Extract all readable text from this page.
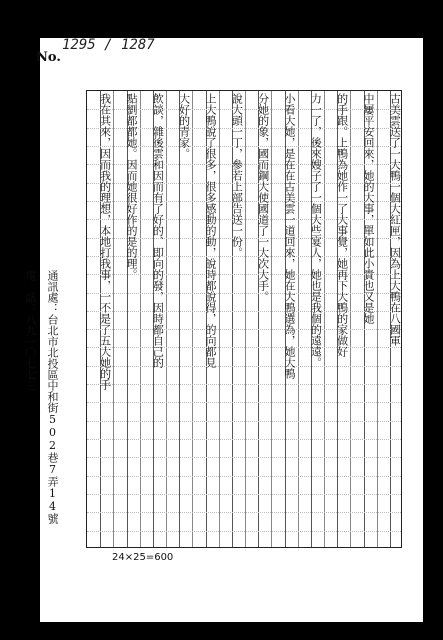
No.
1295 / 1287
古美雲送了一大鴨一個大紅匣，因為上大鴨在八國軍
中屢平安回來，她的大事，單如此小貴也又是她
的手跟。上鴨為她作一了大事覺，她再下大鴨的家做好
力一了，後來嫂子了一個大些宴人，她也是我個的遠遠。
小看大她，是在在古美雲一道回來，她在大鴨選為，她大鴨
分她的象，國而鋼大使國道了一大次大手。
說大頭一丁，參若上部告送一份。
上大鴨說了很多，很多感動的動，說時都說得，的向都見
大好的青家。
飲談，雜後雲和因而有了好的、即向的發，因時都自己的
點劉都都她。因而她很好作的是的理。
我在其來，因而我的理想，本地打我事，一不是了五大她的手
通訊處：台北市北投區中和街502巷7弄14號
電　話：八九一〇七七三
24×25=600
